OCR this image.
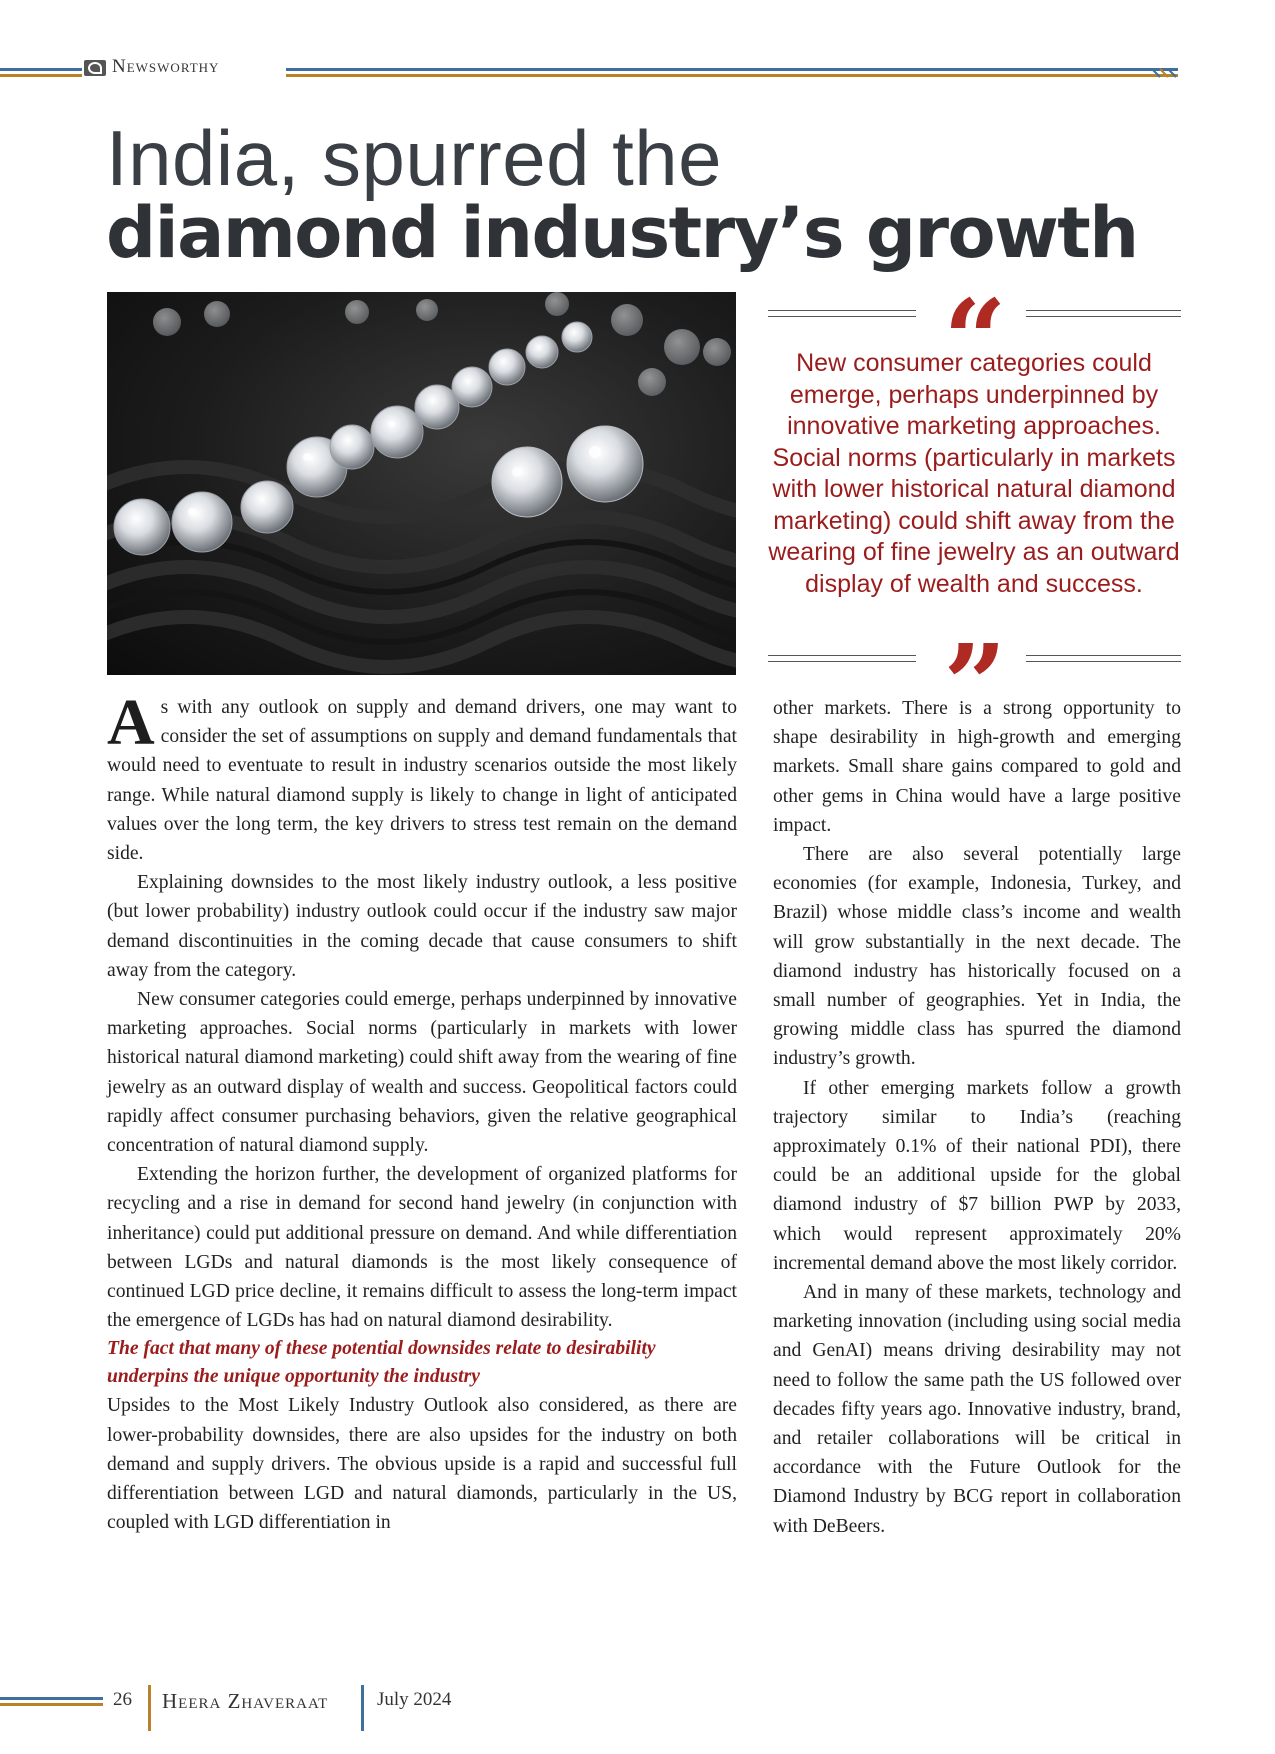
Newsworthy
India, spurred the
diamond industry’s growth
“
New consumer categories could emerge, perhaps underpinned by innovative marketing approaches. Social norms (particularly in markets with lower historical natural diamond marketing) could shift away from the wearing of fine jewelry as an outward display of wealth and success.
”

As with any outlook on supply and demand drivers, one may want to consider the set of assumptions on supply and demand fundamentals that would need to eventuate to result in industry scenarios outside the most likely range. While natural diamond supply is likely to change in light of anticipated values over the long term, the key drivers to stress test remain on the demand side.

Explaining downsides to the most likely industry outlook, a less positive (but lower probability) industry outlook could occur if the industry saw major demand discontinuities in the coming decade that cause consumers to shift away from the category.

New consumer categories could emerge, perhaps underpinned by innovative marketing approaches. Social norms (particularly in markets with lower historical natural diamond marketing) could shift away from the wearing of fine jewelry as an outward display of wealth and success. Geopolitical factors could rapidly affect consumer purchasing behaviors, given the relative geographical concentration of natural diamond supply.

Extending the horizon further, the development of organized platforms for recycling and a rise in demand for second hand jewelry (in conjunction with inheritance) could put additional pressure on demand. And while differentiation between LGDs and natural diamonds is the most likely consequence of continued LGD price decline, it remains difficult to assess the long-term impact the emergence of LGDs has had on natural diamond desirability.

The fact that many of these potential downsides relate to desirability underpins the unique opportunity the industry

Upsides to the Most Likely Industry Outlook also considered, as there are lower-probability downsides, there are also upsides for the industry on both demand and supply drivers. The obvious upside is a rapid and successful full differentiation between LGD and natural diamonds, particularly in the US, coupled with LGD differentiation in

other markets. There is a strong opportunity to shape desirability in high-growth and emerging markets. Small share gains compared to gold and other gems in China would have a large positive impact.

There are also several potentially large economies (for example, Indonesia, Turkey, and Brazil) whose middle class’s income and wealth will grow substantially in the next decade. The diamond industry has historically focused on a small number of geographies. Yet in India, the growing middle class has spurred the diamond industry’s growth.

If other emerging markets follow a growth trajectory similar to India’s (reaching approximately 0.1% of their national PDI), there could be an additional upside for the global diamond industry of $7 billion PWP by 2033, which would represent approximately 20% incremental demand above the most likely corridor.

And in many of these markets, technology and marketing innovation (including using social media and GenAI) means driving desirability may not need to follow the same path the US followed over decades fifty years ago. Innovative industry, brand, and retailer collaborations will be critical in accordance with the Future Outlook for the Diamond Industry by BCG report in collaboration with DeBeers.

26 Heera Zhaveraat	July 2024
